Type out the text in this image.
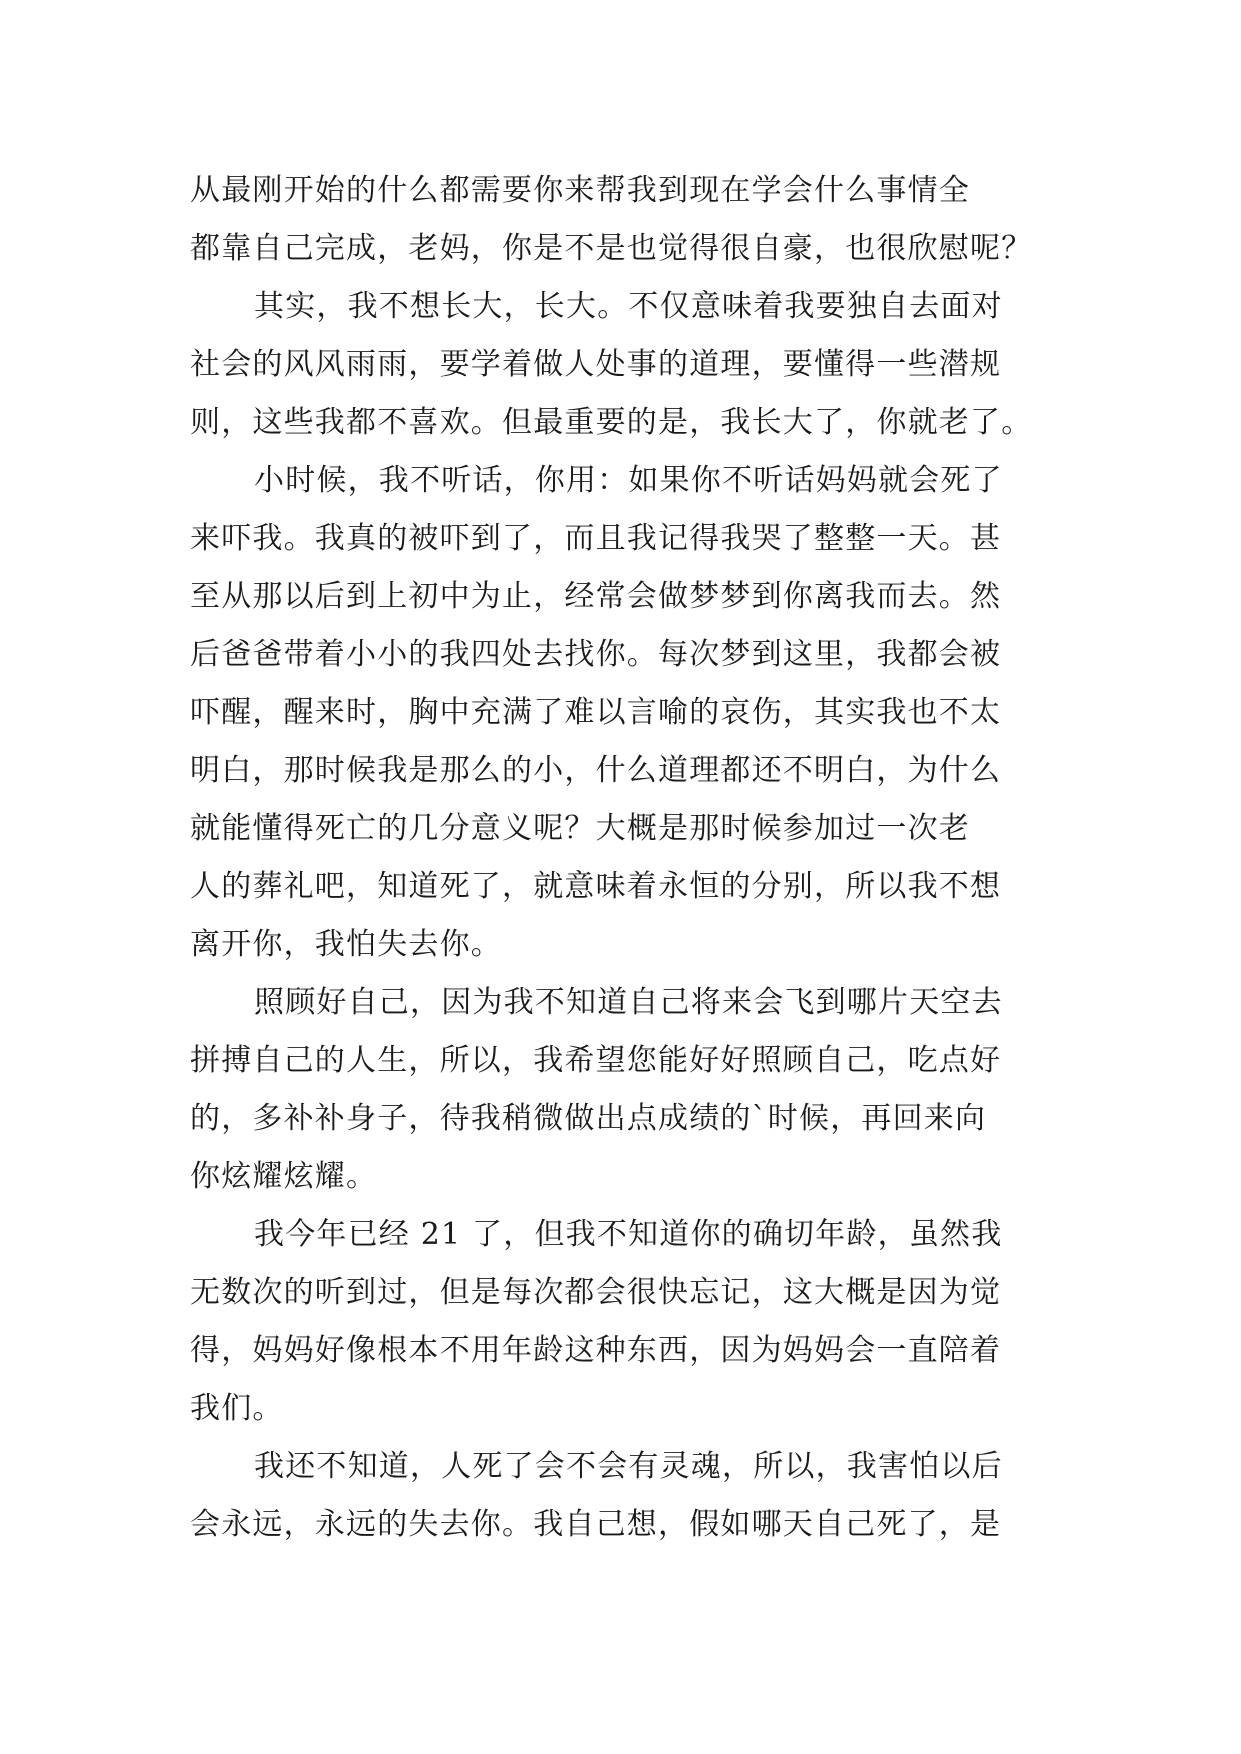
从最刚开始的什么都需要你来帮我到现在学会什么事情全
都靠自己完成，老妈，你是不是也觉得很自豪，也很欣慰呢？
其实，我不想长大，长大。不仅意味着我要独自去面对
社会的风风雨雨，要学着做人处事的道理，要懂得一些潜规
则，这些我都不喜欢。但最重要的是，我长大了，你就老了。
小时候，我不听话，你用：如果你不听话妈妈就会死了
来吓我。我真的被吓到了，而且我记得我哭了整整一天。甚
至从那以后到上初中为止，经常会做梦梦到你离我而去。然
后爸爸带着小小的我四处去找你。每次梦到这里，我都会被
吓醒，醒来时，胸中充满了难以言喻的哀伤，其实我也不太
明白，那时候我是那么的小，什么道理都还不明白，为什么
就能懂得死亡的几分意义呢？大概是那时候参加过一次老
人的葬礼吧，知道死了，就意味着永恒的分别，所以我不想
离开你，我怕失去你。
照顾好自己，因为我不知道自己将来会飞到哪片天空去
拼搏自己的人生，所以，我希望您能好好照顾自己，吃点好
的，多补补身子，待我稍微做出点成绩的`时候，再回来向
你炫耀炫耀。
我今年已经 21 了，但我不知道你的确切年龄，虽然我
无数次的听到过，但是每次都会很快忘记，这大概是因为觉
得，妈妈好像根本不用年龄这种东西，因为妈妈会一直陪着
我们。
我还不知道，人死了会不会有灵魂，所以，我害怕以后
会永远，永远的失去你。我自己想，假如哪天自己死了，是
